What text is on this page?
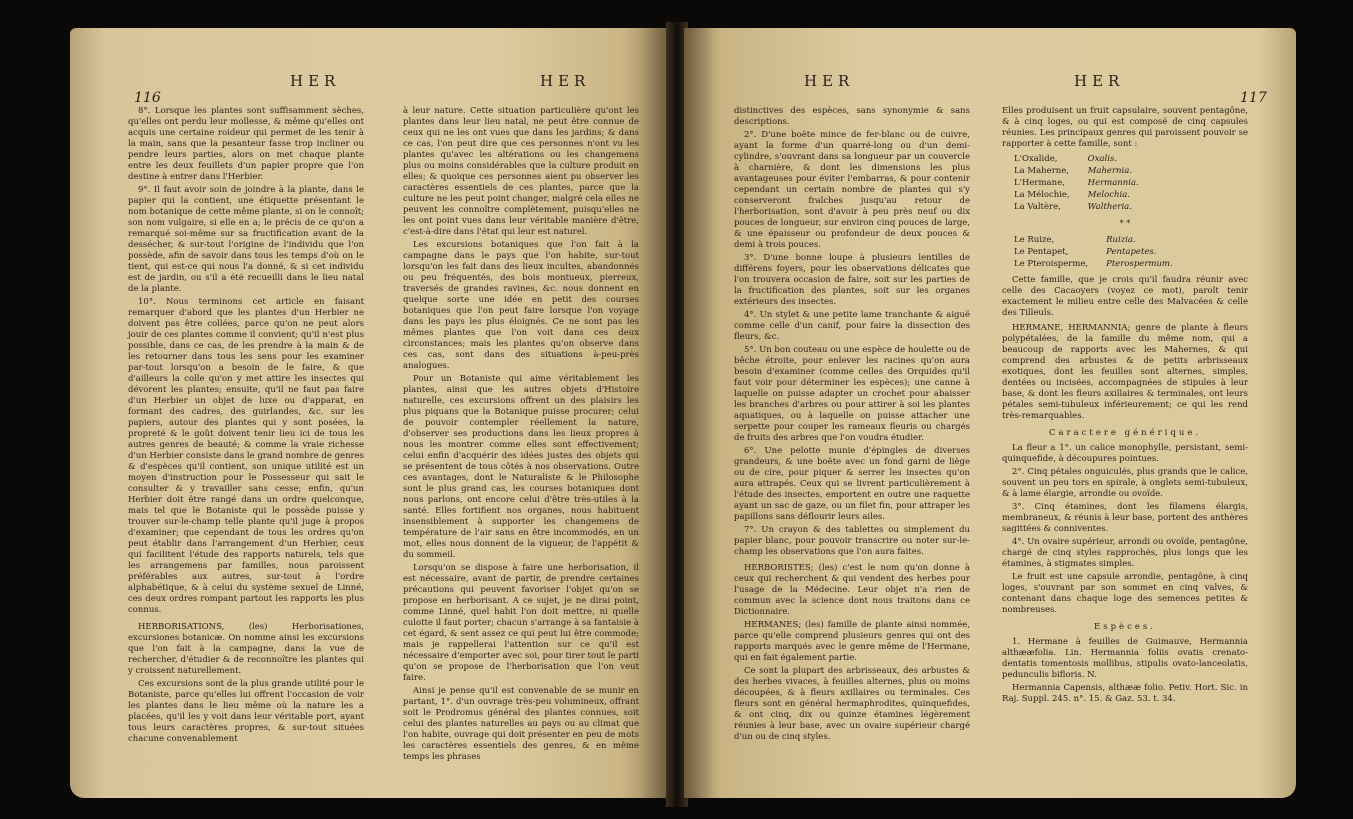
116
HER	HER

8°. Lorsque les plantes sont suffisamment sèches, qu'elles ont perdu leur mollesse, & même qu'elles ont acquis une certaine roideur qui permet de les tenir à la main, sans que la pesanteur fasse trop incliner ou pendre leurs parties, alors on met chaque plante entre les deux feuillets d'un papier propre que l'on destine à entrer dans l'Herbier.

9°. Il faut avoir soin de joindre à la plante, dans le papier qui la contient, une étiquette présentant le nom botanique de cette même plante, si on le connoît; son nom vulgaire, si elle en a; le précis de ce qu'on a remarqué soi-même sur sa fructification avant de la dessécher, & sur-tout l'origine de l'individu que l'on possède, afin de savoir dans tous les temps d'où on le tient, qui est-ce qui nous l'a donné, & si cet individu est de jardin, ou s'il a été recueilli dans le lieu natal de la plante.

10°. Nous terminons cet article en faisant remarquer d'abord que les plantes d'un Herbier ne doivent pas être collées, parce qu'on ne peut alors jouir de ces plantes comme il convient; qu'il n'est plus possible, dans ce cas, de les prendre à la main & de les retourner dans tous les sens pour les examiner par-tout lorsqu'on a besoin de le faire, & que d'ailleurs la colle qu'on y met attire les insectes qui dévorent les plantes; ensuite, qu'il ne faut pas faire d'un Herbier un objet de luxe ou d'apparat, en formant des cadres, des guirlandes, &c. sur les papiers, autour des plantes qui y sont posées, la propreté & le goût doivent tenir lieu ici de tous les autres genres de beauté; & comme la vraie richesse d'un Herbier consiste dans le grand nombre de genres & d'espèces qu'il contient, son unique utilité est un moyen d'instruction pour le Possesseur qui sait le consulter & y travailler sans cesse; enfin, qu'un Herbier doit être rangé dans un ordre quelconque, mais tel que le Botaniste qui le possède puisse y trouver sur-le-champ telle plante qu'il juge à propos d'examiner; que cependant de tous les ordres qu'on peut établir dans l'arrangement d'un Herbier, ceux qui facilitent l'étude des rapports naturels, tels que les arrangemens par familles, nous paroissent préférables aux autres, sur-tout à l'ordre alphabétique, & à celui du système sexuel de Linné, ces deux ordres rompant partout les rapports les plus connus.

HERBORISATIONS, (les) Herborisationes, excursiones botanicæ. On nomme ainsi les excursions que l'on fait à la campagne, dans la vue de rechercher, d'étudier & de reconnoître les plantes qui y croissent naturellement.

Ces excursions sont de la plus grande utilité pour le Botaniste, parce qu'elles lui offrent l'occasion de voir les plantes dans le lieu même où la nature les a placées, qu'il les y voit dans leur véritable port, ayant tous leurs caractères propres, & sur-tout situées chacune convenablement

à leur nature. Cette situation particulière qu'ont les plantes dans leur lieu natal, ne peut être connue de ceux qui ne les ont vues que dans les jardins; & dans ce cas, l'on peut dire que ces personnes n'ont vu les plantes qu'avec les altérations ou les changemens plus ou moins considérables que la culture produit en elles; & quoique ces personnes aient pu observer les caractères essentiels de ces plantes, parce que la culture ne les peut point changer, malgré cela elles ne peuvent les connoître complètement, puisqu'elles ne les ont point vues dans leur véritable manière d'être, c'est-à-dire dans l'état qui leur est naturel.

Les excursions botaniques que l'on fait à la campagne dans le pays que l'on habite, sur-tout lorsqu'on les fait dans des lieux incultes, abandonnés ou peu fréquentés, des bois montueux, pierreux, traversés de grandes ravines, &c. nous donnent en quelque sorte une idée en petit des courses botaniques que l'on peut faire lorsque l'on voyage dans les pays les plus éloignés. Ce ne sont pas les mêmes plantes que l'on voit dans ces deux circonstances; mais les plantes qu'on observe dans ces cas, sont dans des situations à-peu-près analogues.

Pour un Botaniste qui aime véritablement les plantes, ainsi que les autres objets d'Histoire naturelle, ces excursions offrent un des plaisirs les plus piquans que la Botanique puisse procurer; celui de pouvoir contempler réellement la nature, d'observer ses productions dans les lieux propres à nous les montrer comme elles sont effectivement; celui enfin d'acquérir des idées justes des objets qui se présentent de tous côtés à nos observations. Outre ces avantages, dont le Naturaliste & le Philosophe sont le plus grand cas, les courses botaniques dont nous parlons, ont encore celui d'être très-utiles à la santé. Elles fortifient nos organes, nous habituent insensiblement à supporter les changemens de température de l'air sans en être incommodés, en un mot, elles nous donnent de la vigueur, de l'appétit & du sommeil.

Lorsqu'on se dispose à faire une herborisation, il est nécessaire, avant de partir, de prendre certaines précautions qui peuvent favoriser l'objet qu'on se propose en herborisant. A ce sujet, je ne dirai point, comme Linné, quel habit l'on doit mettre, ni quelle culotte il faut porter; chacun s'arrange à sa fantaisie à cet égard, & sent assez ce qui peut lui être commode; mais je rappellerai l'attention sur ce qu'il est nécessaire d'emporter avec soi, pour tirer tout le parti qu'on se propose de l'herborisation que l'on veut faire.

Ainsi je pense qu'il est convenable de se munir en partant, 1°. d'un ouvrage très-peu volumineux, offrant soit le Prodromus général des plantes connues, soit celui des plantes naturelles au pays ou au climat que l'on habite, ouvrage qui doit présenter en peu de mots les caractères essentiels des genres, & en même temps les phrases

HER	HER
117

distinctives des espèces, sans synonymie & sans descriptions.

2°. D'une boëte mince de fer-blanc ou de cuivre, ayant la forme d'un quarré-long ou d'un demi-cylindre, s'ouvrant dans sa longueur par un couvercle à charnière, & dont les dimensions les plus avantageuses pour éviter l'embarras, & pour contenir cependant un certain nombre de plantes qui s'y conserveront fraîches jusqu'au retour de l'herborisation, sont d'avoir à peu près neuf ou dix pouces de longueur, sur environ cinq pouces de large, & une épaisseur ou profondeur de deux pouces & demi à trois pouces.

3°. D'une bonne loupe à plusieurs lentilles de différens foyers, pour les observations délicates que l'on trouvera occasion de faire, soit sur les parties de la fructification des plantes, soit sur les organes extérieurs des insectes.

4°. Un stylet & une petite lame tranchante & aiguë comme celle d'un canif, pour faire la dissection des fleurs, &c.

5°. Un bon couteau ou une espèce de houlette ou de bêche étroite, pour enlever les racines qu'on aura besoin d'examiner (comme celles des Orquides qu'il faut voir pour déterminer les espèces); une canne à laquelle on puisse adapter un crochet pour abaisser les branches d'arbres ou pour attirer à soi les plantes aquatiques, ou à laquelle on puisse attacher une serpette pour couper les rameaux fleuris ou chargés de fruits des arbres que l'on voudra étudier.

6°. Une pelotte munie d'épingles de diverses grandeurs, & une boëte avec un fond garni de liège ou de cire, pour piquer & serrer les insectes qu'on aura attrapés. Ceux qui se livrent particulièrement à l'étude des insectes, emportent en outre une raquette ayant un sac de gaze, ou un filet fin, pour attraper les papillons sans déflourir leurs ailes.

7°. Un crayon & des tablettes ou simplement du papier blanc, pour pouvoir transcrire ou noter sur-le-champ les observations que l'on aura faites.

HERBORISTES; (les) c'est le nom qu'on donne à ceux qui recherchent & qui vendent des herbes pour l'usage de la Médecine. Leur objet n'a rien de commun avec la science dont nous traitons dans ce Dictionnaire.

HERMANES; (les) famille de plante ainsi nommée, parce qu'elle comprend plusieurs genres qui ont des rapports marqués avec le genre même de l'Hermane, qui en fait également partie.

Ce sont la plupart des arbrisseaux, des arbustes & des herbes vivaces, à feuilles alternes, plus ou moins découpées, & à fleurs axillaires ou terminales. Ces fleurs sont en général hermaphrodites, quinquefides, & ont cinq, dix ou quinze étamines légèrement réunies à leur base, avec un ovaire supérieur chargé d'un ou de cinq styles.

Elles produisent un fruit capsulaire, souvent pentagône, & à cinq loges, ou qui est composé de cinq capsules réunies. Les principaux genres qui paroissent pouvoir se rapporter à cette famille, sont :

L'Oxalide,	Oxalis.
La Maherne,	Mahernia.
L'Hermane,	Hermannia.
La Mélochie,	Melochia.
La Valtère,	Waltheria.
* *
Le Ruize,	Ruizia.
Le Pentapet,	Pentapetes.
Le Pteroisperme,	Pterospermum.

Cette famille, que je crois qu'il faudra réunir avec celle des Cacaoyers (voyez ce mot), paroît tenir exactement le milieu entre celle des Malvacées & celle des Tilleuls.

HERMANE, HERMANNIA; genre de plante à fleurs polypétalées, de la famille du même nom, qui a beaucoup de rapports avec les Mahernes, & qui comprend des arbustes & de petits arbrisseaux exotiques, dont les feuilles sont alternes, simples, dentées ou incisées, accompagnées de stipules à leur base, & dont les fleurs axillaires & terminales, ont leurs pétales semi-tubuleux inférieurement; ce qui les rend très-remarquables.

Caractere générique.

La fleur a 1°. un calice monophylle, persistant, semi-quinquefide, à découpures pointues.

2°. Cinq pétales onguiculés, plus grands que le calice, souvent un peu tors en spirale, à onglets semi-tubuleux, & à lame élargie, arrondie ou ovoïde.

3°. Cinq étamines, dont les filamens élargis, membraneux, & réunis à leur base, portent des anthères sagittées & conniventes.

4°. Un ovaire supérieur, arrondi ou ovoïde, pentagône, chargé de cinq styles rapprochés, plus longs que les étamines, à stigmates simples.

Le fruit est une capsule arrondie, pentagône, à cinq loges, s'ouvrant par son sommet en cinq valves, & contenant dans chaque loge des semences petites & nombreuses.

Espèces.

1. Hermane à feuilles de Guimauve, Hermannia althææfolia. Lin. Hermannia foliis ovatis crenato-dentatis tomentosis mollibus, stipulis ovato-lanceolatis, pedunculis bifloris. N.

Hermannia Capensis, althææ folio. Petiv. Hort. Sic. in Raj. Suppl. 245. n°. 15. & Gaz. 53. t. 34.
